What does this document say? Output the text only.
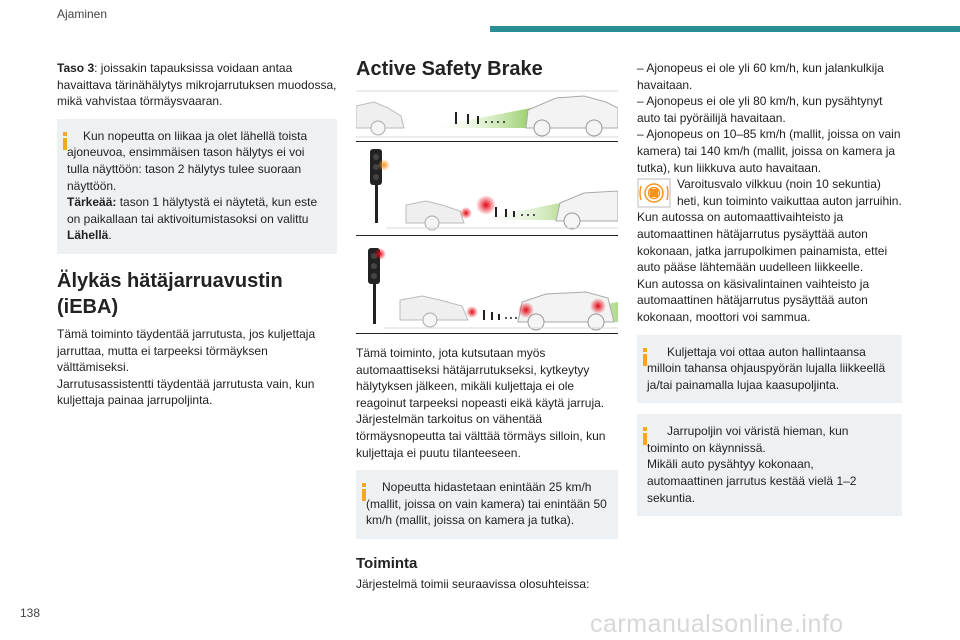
Ajaminen

Taso 3: joissakin tapauksissa voidaan antaa havaittava tärinähälytys mikrojarrutuksen muodossa, mikä vahvistaa törmäysvaaran.

Kun nopeutta on liikaa ja olet lähellä toista ajoneuvoa, ensimmäisen tason hälytys ei voi tulla näyttöön: tason 2 hälytys tulee suoraan näyttöön.
Tärkeää: tason 1 hälytystä ei näytetä, kun este on paikallaan tai aktivoitumistasoksi on valittu Lähellä.
Älykäs hätäjarruavustin (iEBA)

Tämä toiminto täydentää jarrutusta, jos kuljettaja jarruttaa, mutta ei tarpeeksi törmäyksen välttämiseksi.

Jarrutusassistentti täydentää jarrutusta vain, kun kuljettaja painaa jarrupoljinta.

Active Safety Brake

Tämä toiminto, jota kutsutaan myös automaattiseksi hätäjarrutukseksi, kytkeytyy hälytyksen jälkeen, mikäli kuljettaja ei ole reagoinut tarpeeksi nopeasti eikä käytä jarruja. Järjestelmän tarkoitus on vähentää törmäysnopeutta tai välttää törmäys silloin, kun kuljettaja ei puutu tilanteeseen.

Nopeutta hidastetaan enintään 25 km/h (mallit, joissa on vain kamera) tai enintään 50 km/h (mallit, joissa on kamera ja tutka).
Toiminta

Järjestelmä toimii seuraavissa olosuhteissa:

– Ajonopeus ei ole yli 60 km/h, kun jalankulkija havaitaan.

– Ajonopeus ei ole yli 80 km/h, kun pysähtynyt auto tai pyöräilijä havaitaan.

– Ajonopeus on 10–85 km/h (mallit, joissa on vain kamera) tai 140 km/h (mallit, joissa on kamera ja tutka), kun liikkuva auto havaitaan.

Varoitusvalo vilkkuu (noin 10 sekuntia) heti, kun toiminto vaikuttaa auton jarruihin.

Kun autossa on automaattivaihteisto ja automaattinen hätäjarrutus pysäyttää auton kokonaan, jatka jarrupolkimen painamista, ettei auto pääse lähtemään uudelleen liikkeelle.

Kun autossa on käsivalintainen vaihteisto ja automaattinen hätäjarrutus pysäyttää auton kokonaan, moottori voi sammua.

Kuljettaja voi ottaa auton hallintaansa milloin tahansa ohjauspyörän lujalla liikkeellä ja/tai painamalla lujaa kaasupoljinta.
Jarrupoljin voi väristä hieman, kun toiminto on käynnissä.
Mikäli auto pysähtyy kokonaan, automaattinen jarrutus kestää vielä 1–2 sekuntia.
138	carmanualsonline.info
